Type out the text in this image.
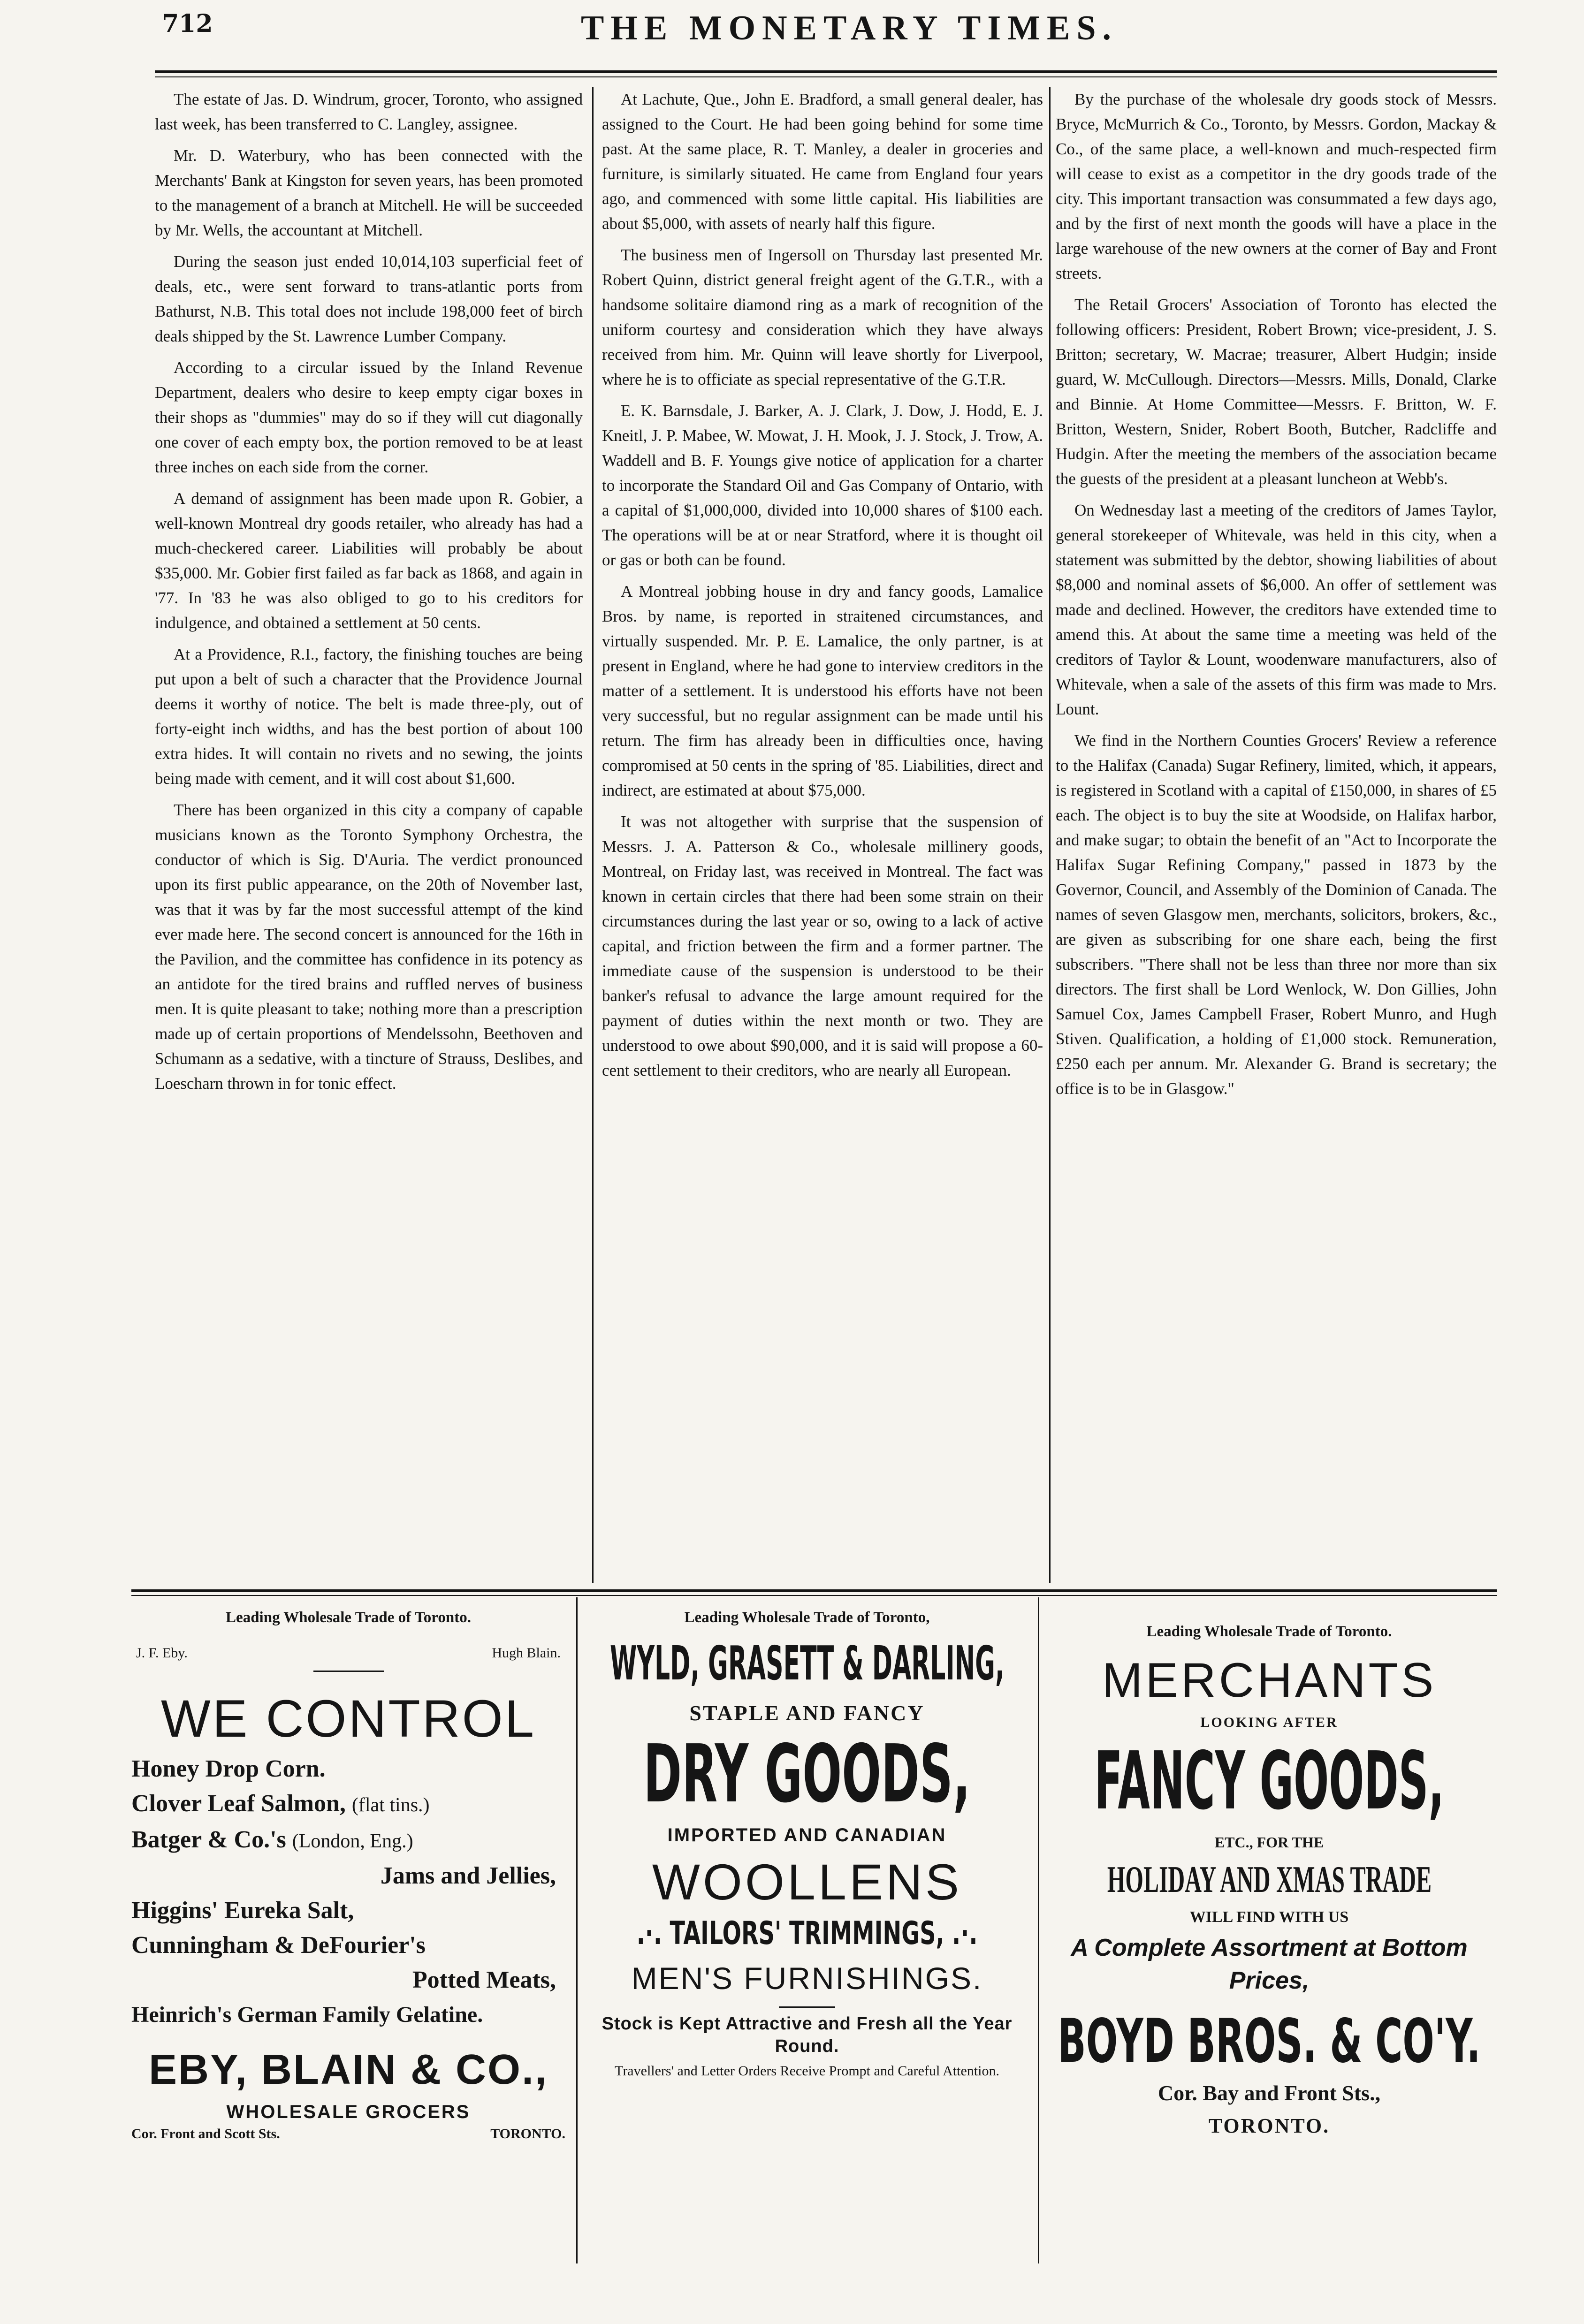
712	THE MONETARY TIMES.

The estate of Jas. D. Windrum, grocer, Toronto, who assigned last week, has been transferred to C. Langley, assignee.

Mr. D. Waterbury, who has been connected with the Merchants' Bank at Kingston for seven years, has been promoted to the management of a branch at Mitchell. He will be succeeded by Mr. Wells, the accountant at Mitchell.

During the season just ended 10,014,103 superficial feet of deals, etc., were sent forward to trans-atlantic ports from Bathurst, N.B. This total does not include 198,000 feet of birch deals shipped by the St. Lawrence Lumber Company.

According to a circular issued by the Inland Revenue Department, dealers who desire to keep empty cigar boxes in their shops as "dummies" may do so if they will cut diagonally one cover of each empty box, the portion removed to be at least three inches on each side from the corner.

A demand of assignment has been made upon R. Gobier, a well-known Montreal dry goods retailer, who already has had a much-checkered career. Liabilities will probably be about $35,000. Mr. Gobier first failed as far back as 1868, and again in '77. In '83 he was also obliged to go to his creditors for indulgence, and obtained a settlement at 50 cents.

At a Providence, R.I., factory, the finishing touches are being put upon a belt of such a character that the Providence Journal deems it worthy of notice. The belt is made three-ply, out of forty-eight inch widths, and has the best portion of about 100 extra hides. It will contain no rivets and no sewing, the joints being made with cement, and it will cost about $1,600.

There has been organized in this city a company of capable musicians known as the Toronto Symphony Orchestra, the conductor of which is Sig. D'Auria. The verdict pronounced upon its first public appearance, on the 20th of November last, was that it was by far the most successful attempt of the kind ever made here. The second concert is announced for the 16th in the Pavilion, and the committee has confidence in its potency as an antidote for the tired brains and ruffled nerves of business men. It is quite pleasant to take; nothing more than a prescription made up of certain proportions of Mendelssohn, Beethoven and Schumann as a sedative, with a tincture of Strauss, Deslibes, and Loescharn thrown in for tonic effect.

At Lachute, Que., John E. Bradford, a small general dealer, has assigned to the Court. He had been going behind for some time past. At the same place, R. T. Manley, a dealer in groceries and furniture, is similarly situated. He came from England four years ago, and commenced with some little capital. His liabilities are about $5,000, with assets of nearly half this figure.

The business men of Ingersoll on Thursday last presented Mr. Robert Quinn, district general freight agent of the G.T.R., with a handsome solitaire diamond ring as a mark of recognition of the uniform courtesy and consideration which they have always received from him. Mr. Quinn will leave shortly for Liverpool, where he is to officiate as special representative of the G.T.R.

E. K. Barnsdale, J. Barker, A. J. Clark, J. Dow, J. Hodd, E. J. Kneitl, J. P. Mabee, W. Mowat, J. H. Mook, J. J. Stock, J. Trow, A. Waddell and B. F. Youngs give notice of application for a charter to incorporate the Standard Oil and Gas Company of Ontario, with a capital of $1,000,000, divided into 10,000 shares of $100 each. The operations will be at or near Stratford, where it is thought oil or gas or both can be found.

A Montreal jobbing house in dry and fancy goods, Lamalice Bros. by name, is reported in straitened circumstances, and virtually suspended. Mr. P. E. Lamalice, the only partner, is at present in England, where he had gone to interview creditors in the matter of a settlement. It is understood his efforts have not been very successful, but no regular assignment can be made until his return. The firm has already been in difficulties once, having compromised at 50 cents in the spring of '85. Liabilities, direct and indirect, are estimated at about $75,000.

It was not altogether with surprise that the suspension of Messrs. J. A. Patterson & Co., wholesale millinery goods, Montreal, on Friday last, was received in Montreal. The fact was known in certain circles that there had been some strain on their circumstances during the last year or so, owing to a lack of active capital, and friction between the firm and a former partner. The immediate cause of the suspension is understood to be their banker's refusal to advance the large amount required for the payment of duties within the next month or two. They are understood to owe about $90,000, and it is said will propose a 60-cent settlement to their creditors, who are nearly all European.

By the purchase of the wholesale dry goods stock of Messrs. Bryce, McMurrich & Co., Toronto, by Messrs. Gordon, Mackay & Co., of the same place, a well-known and much-respected firm will cease to exist as a competitor in the dry goods trade of the city. This important transaction was consummated a few days ago, and by the first of next month the goods will have a place in the large warehouse of the new owners at the corner of Bay and Front streets.

The Retail Grocers' Association of Toronto has elected the following officers: President, Robert Brown; vice-president, J. S. Britton; secretary, W. Macrae; treasurer, Albert Hudgin; inside guard, W. McCullough. Directors—Messrs. Mills, Donald, Clarke and Binnie. At Home Committee—Messrs. F. Britton, W. F. Britton, Western, Snider, Robert Booth, Butcher, Radcliffe and Hudgin. After the meeting the members of the association became the guests of the president at a pleasant luncheon at Webb's.

On Wednesday last a meeting of the creditors of James Taylor, general storekeeper of Whitevale, was held in this city, when a statement was submitted by the debtor, showing liabilities of about $8,000 and nominal assets of $6,000. An offer of settlement was made and declined. However, the creditors have extended time to amend this. At about the same time a meeting was held of the creditors of Taylor & Lount, woodenware manufacturers, also of Whitevale, when a sale of the assets of this firm was made to Mrs. Lount.

We find in the Northern Counties Grocers' Review a reference to the Halifax (Canada) Sugar Refinery, limited, which, it appears, is registered in Scotland with a capital of £150,000, in shares of £5 each. The object is to buy the site at Woodside, on Halifax harbor, and make sugar; to obtain the benefit of an "Act to Incorporate the Halifax Sugar Refining Company," passed in 1873 by the Governor, Council, and Assembly of the Dominion of Canada. The names of seven Glasgow men, merchants, solicitors, brokers, &c., are given as subscribing for one share each, being the first subscribers. "There shall not be less than three nor more than six directors. The first shall be Lord Wenlock, W. Don Gillies, John Samuel Cox, James Campbell Fraser, Robert Munro, and Hugh Stiven. Qualification, a holding of £1,000 stock. Remuneration, £250 each per annum. Mr. Alexander G. Brand is secretary; the office is to be in Glasgow."

Leading Wholesale Trade of Toronto.
J. F. Eby.	Hugh Blain.
WE CONTROL
Honey Drop Corn.
Clover Leaf Salmon, (flat tins.)
Batger & Co.'s (London, Eng.)
Jams and Jellies,
Higgins' Eureka Salt,
Cunningham & DeFourier's
Potted Meats,
Heinrich's German Family Gelatine.
EBY, BLAIN & CO.,
WHOLESALE GROCERS
Cor. Front and Scott Sts.	TORONTO.
Leading Wholesale Trade of Toronto,
WYLD, GRASETT & DARLING,
STAPLE AND FANCY
DRY GOODS,
IMPORTED AND CANADIAN
WOOLLENS
.·. TAILORS' TRIMMINGS, .·.
MEN'S FURNISHINGS.
Stock is Kept Attractive and Fresh all the Year Round.
Travellers' and Letter Orders Receive Prompt and Careful Attention.
Leading Wholesale Trade of Toronto.
MERCHANTS
LOOKING AFTER
FANCY GOODS,
ETC., FOR THE
HOLIDAY AND XMAS TRADE
WILL FIND WITH US
A Complete Assortment at Bottom Prices,
BOYD BROS. & CO'Y.
Cor. Bay and Front Sts.,
TORONTO.
